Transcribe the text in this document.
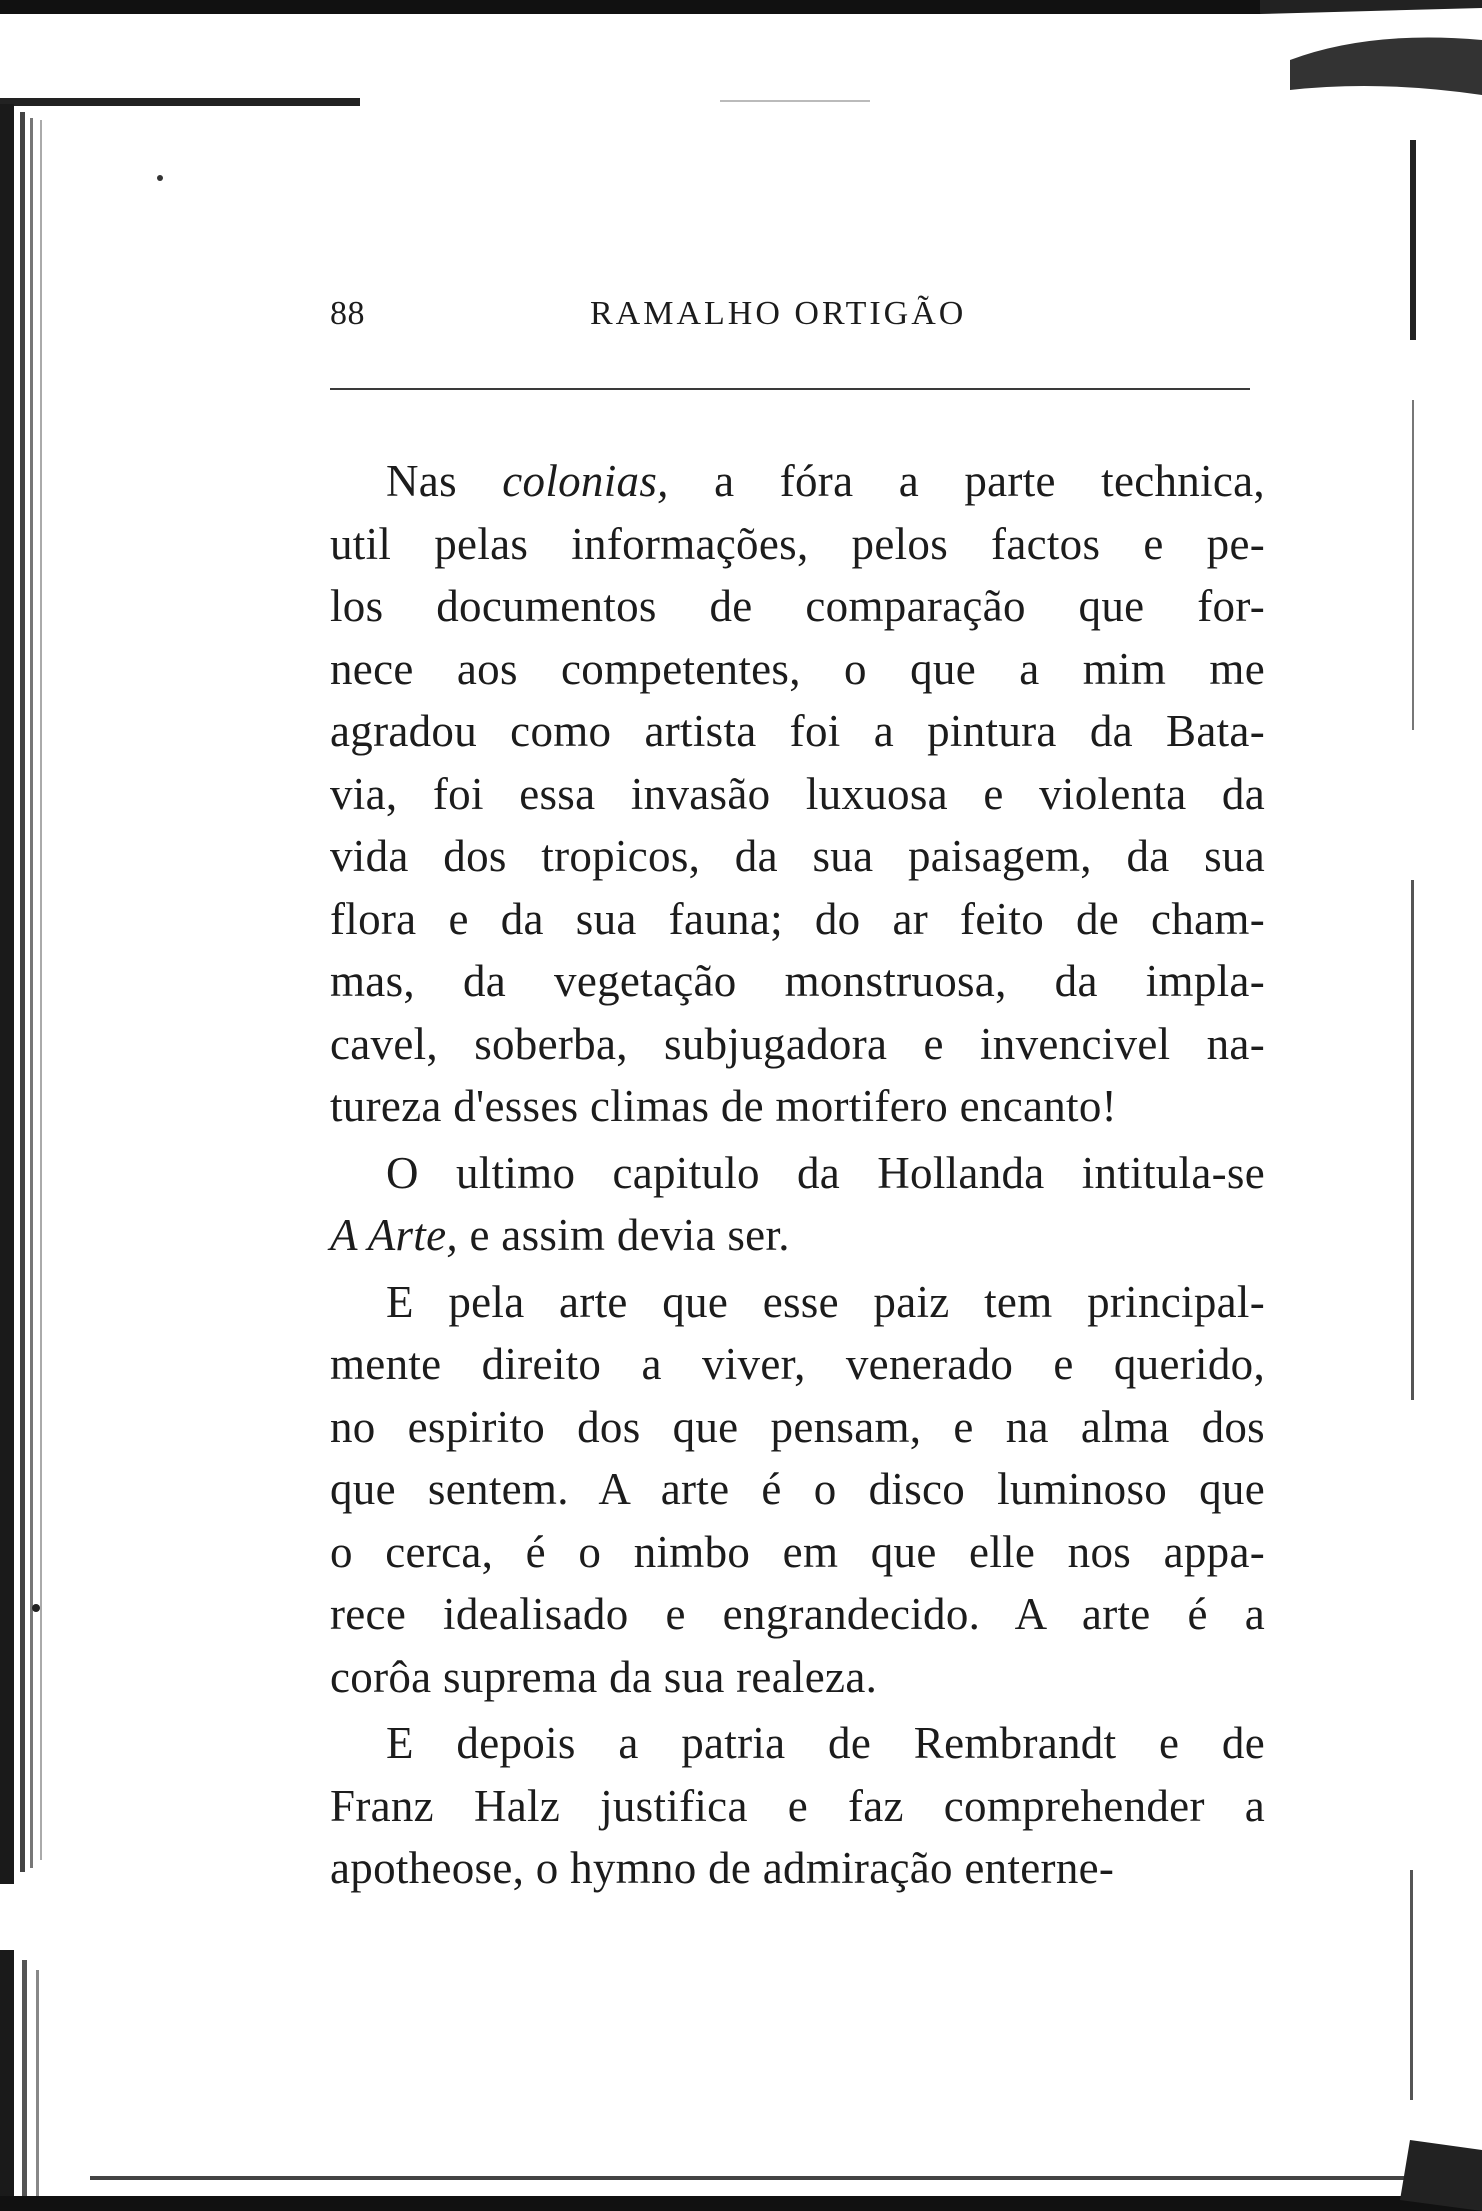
88	RAMALHO ORTIGÃO
Nas colonias, a fóra a parte technica,
util pelas informações, pelos factos e pe-
los documentos de comparação que for-
nece aos competentes, o que a mim me
agradou como artista foi a pintura da Bata-
via, foi essa invasão luxuosa e violenta da
vida dos tropicos, da sua paisagem, da sua
flora e da sua fauna; do ar feito de cham-
mas, da vegetação monstruosa, da impla-
cavel, soberba, subjugadora e invencivel na-
tureza d'esses climas de mortifero encanto!
O ultimo capitulo da Hollanda intitula-se
A Arte, e assim devia ser.
E pela arte que esse paiz tem principal-
mente direito a viver, venerado e querido,
no espirito dos que pensam, e na alma dos
que sentem. A arte é o disco luminoso que
o cerca, é o nimbo em que elle nos appa-
rece idealisado e engrandecido. A arte é a
corôa suprema da sua realeza.
E depois a patria de Rembrandt e de
Franz Halz justifica e faz comprehender a
apotheose, o hymno de admiração enterne-
